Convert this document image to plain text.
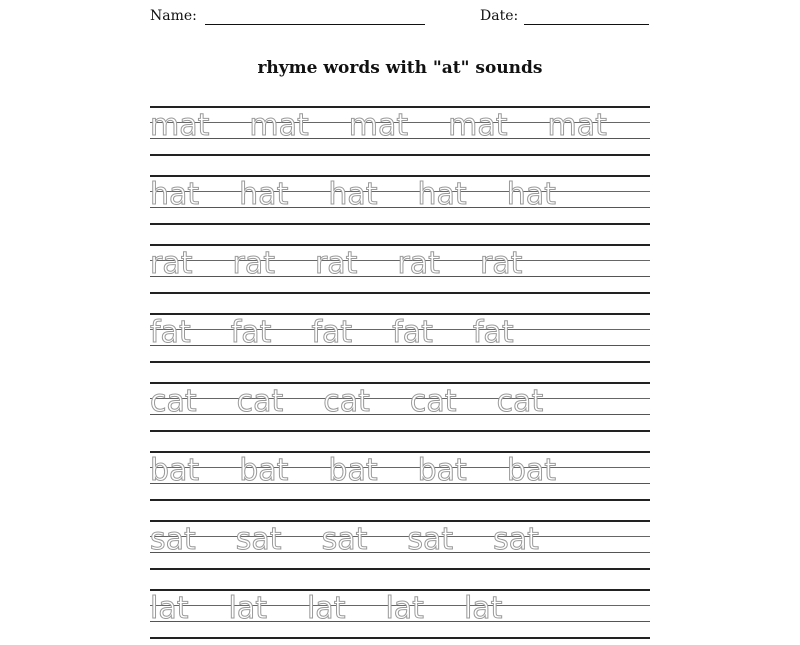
Name:	Date:
rhyme words with "at" sounds
mat mat mat mat mat
hat hat hat hat hat
rat rat rat rat rat
fat fat fat fat fat
cat cat cat cat cat
bat bat bat bat bat
sat sat sat sat sat
lat lat lat lat lat
